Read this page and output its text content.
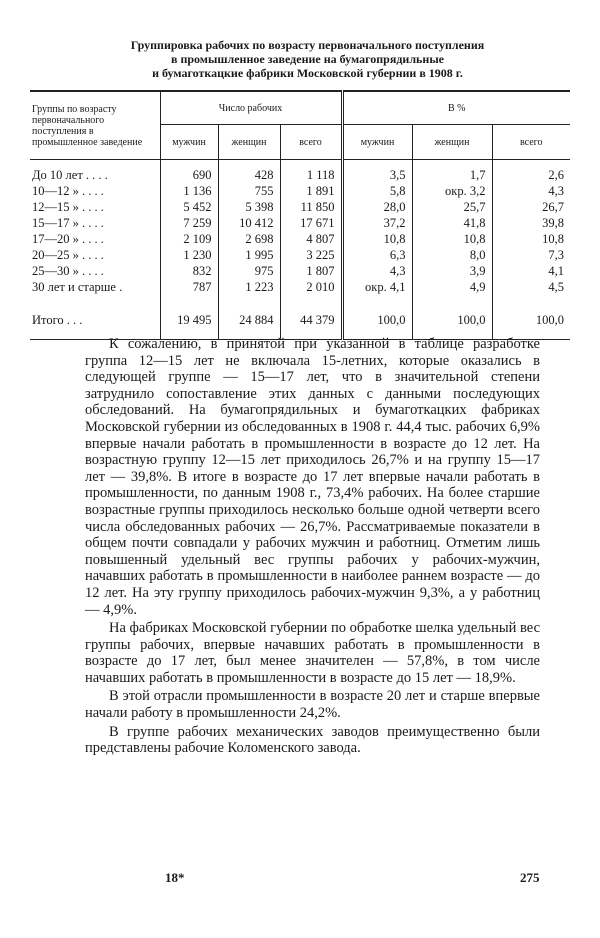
Группировка рабочих по возрасту первоначального поступления
в промышленное заведение на бумагопрядильные
и бумаготкацкие фабрики Московской губернии в 1908 г.
Группы по возрасту первоначального поступления в промышленное заведение	Число рабочих			В %		
	мужчин	женщин	всего	мужчин	женщин	всего
До 10 лет . . . .	690	428	1 118	3,5	1,7	2,6
10—12 » . . . .	1 136	755	1 891	5,8	окр. 3,2	4,3
12—15 » . . . .	5 452	5 398	11 850	28,0	25,7	26,7
15—17 » . . . .	7 259	10 412	17 671	37,2	41,8	39,8
17—20 » . . . .	2 109	2 698	4 807	10,8	10,8	10,8
20—25 » . . . .	1 230	1 995	3 225	6,3	8,0	7,3
25—30 » . . . .	832	975	1 807	4,3	3,9	4,1
30 лет и старше .	787	1 223	2 010	окр. 4,1	4,9	4,5
Итого . . .	19 495	24 884	44 379	100,0	100,0	100,0

К сожалению, в принятой при указанной в таблице разработке группа 12—15 лет не включала 15-летних, которые оказались в следующей группе — 15—17 лет, что в значительной степени затруднило сопоставление этих данных с данными последующих обследований. На бумагопрядильных и бумаготкацких фабриках Московской губернии из обследованных в 1908 г. 44,4 тыс. рабочих 6,9% впервые начали работать в промышленности в возрасте до 12 лет. На возрастную группу 12—15 лет приходилось 26,7% и на группу 15—17 лет — 39,8%. В итоге в возрасте до 17 лет впервые начали работать в промышленности, по данным 1908 г., 73,4% рабочих. На более старшие возрастные группы приходилось несколько больше одной четверти всего числа обследованных рабочих — 26,7%. Рассматриваемые показатели в общем почти совпадали у рабочих мужчин и работниц. Отметим лишь повышенный удельный вес группы рабочих у рабочих-мужчин, начавших работать в промышленности в наиболее раннем возрасте — до 12 лет. На эту группу приходилось рабочих-мужчин 9,3%, а у работниц — 4,9%.

На фабриках Московской губернии по обработке шелка удельный вес группы рабочих, впервые начавших работать в промышленности в возрасте до 17 лет, был менее значителен — 57,8%, в том числе начавших работать в промышленности в возрасте до 15 лет — 18,9%.

В этой отрасли промышленности в возрасте 20 лет и старше впервые начали работу в промышленности 24,2%.

В группе рабочих механических заводов преимущественно были представлены рабочие Коломенского завода.

18*	275
